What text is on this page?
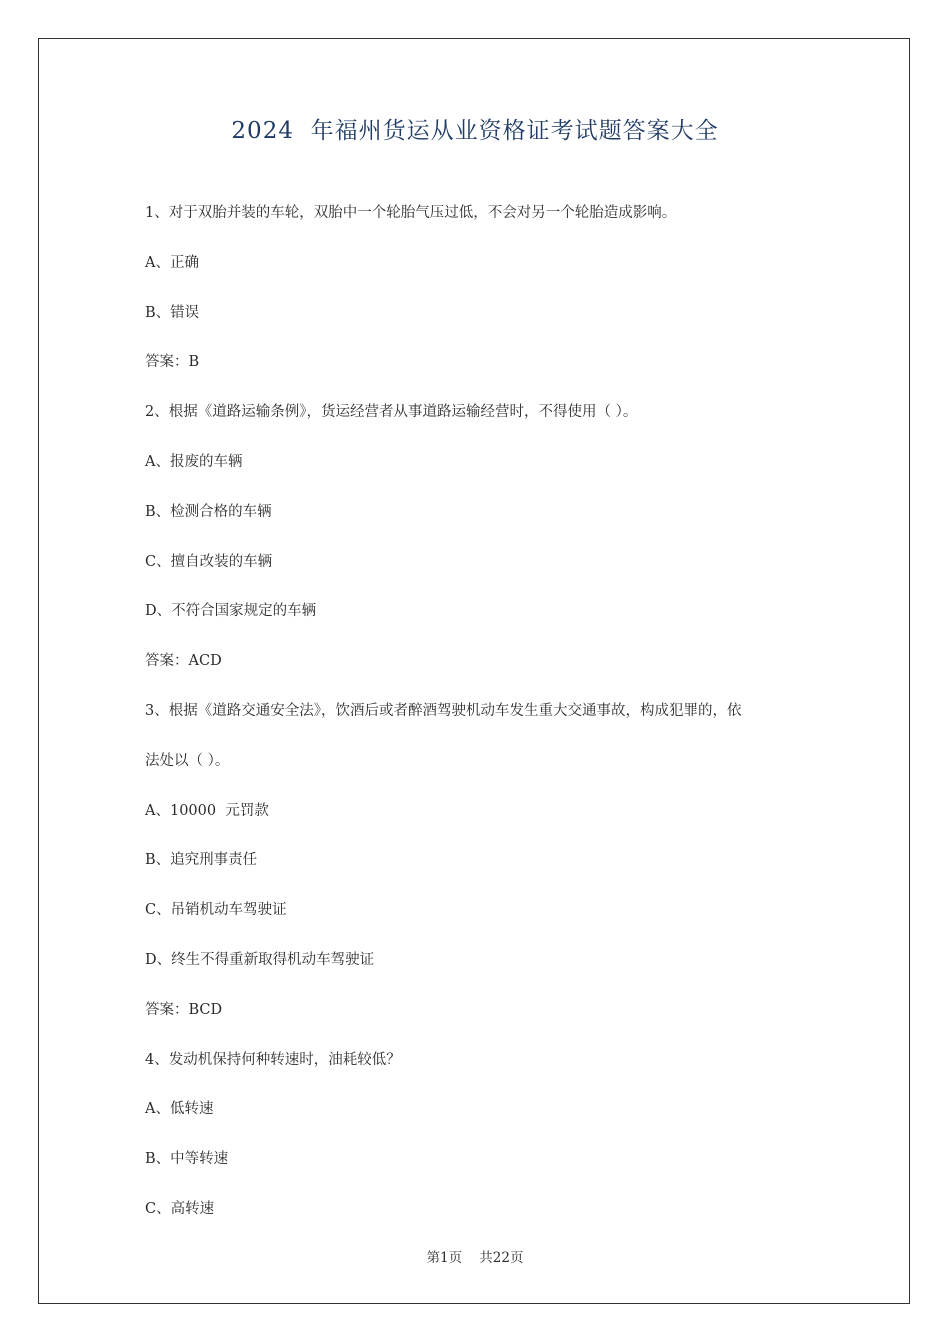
2024  年福州货运从业资格证考试题答案大全
1、对于双胎并装的车轮，双胎中一个轮胎气压过低，不会对另一个轮胎造成影响。
A、正确
B、错误
答案：B
2、根据《道路运输条例》，货运经营者从事道路运输经营时，不得使用（ ）。
A、报废的车辆
B、检测合格的车辆
C、擅自改装的车辆
D、不符合国家规定的车辆
答案：ACD
3、根据《道路交通安全法》，饮酒后或者醉酒驾驶机动车发生重大交通事故，构成犯罪的，依
法处以（ ）。
A、10000  元罚款
B、追究刑事责任
C、吊销机动车驾驶证
D、终生不得重新取得机动车驾驶证
答案：BCD
4、发动机保持何种转速时，油耗较低？
A、低转速
B、中等转速
C、高转速
第1页 共22页
